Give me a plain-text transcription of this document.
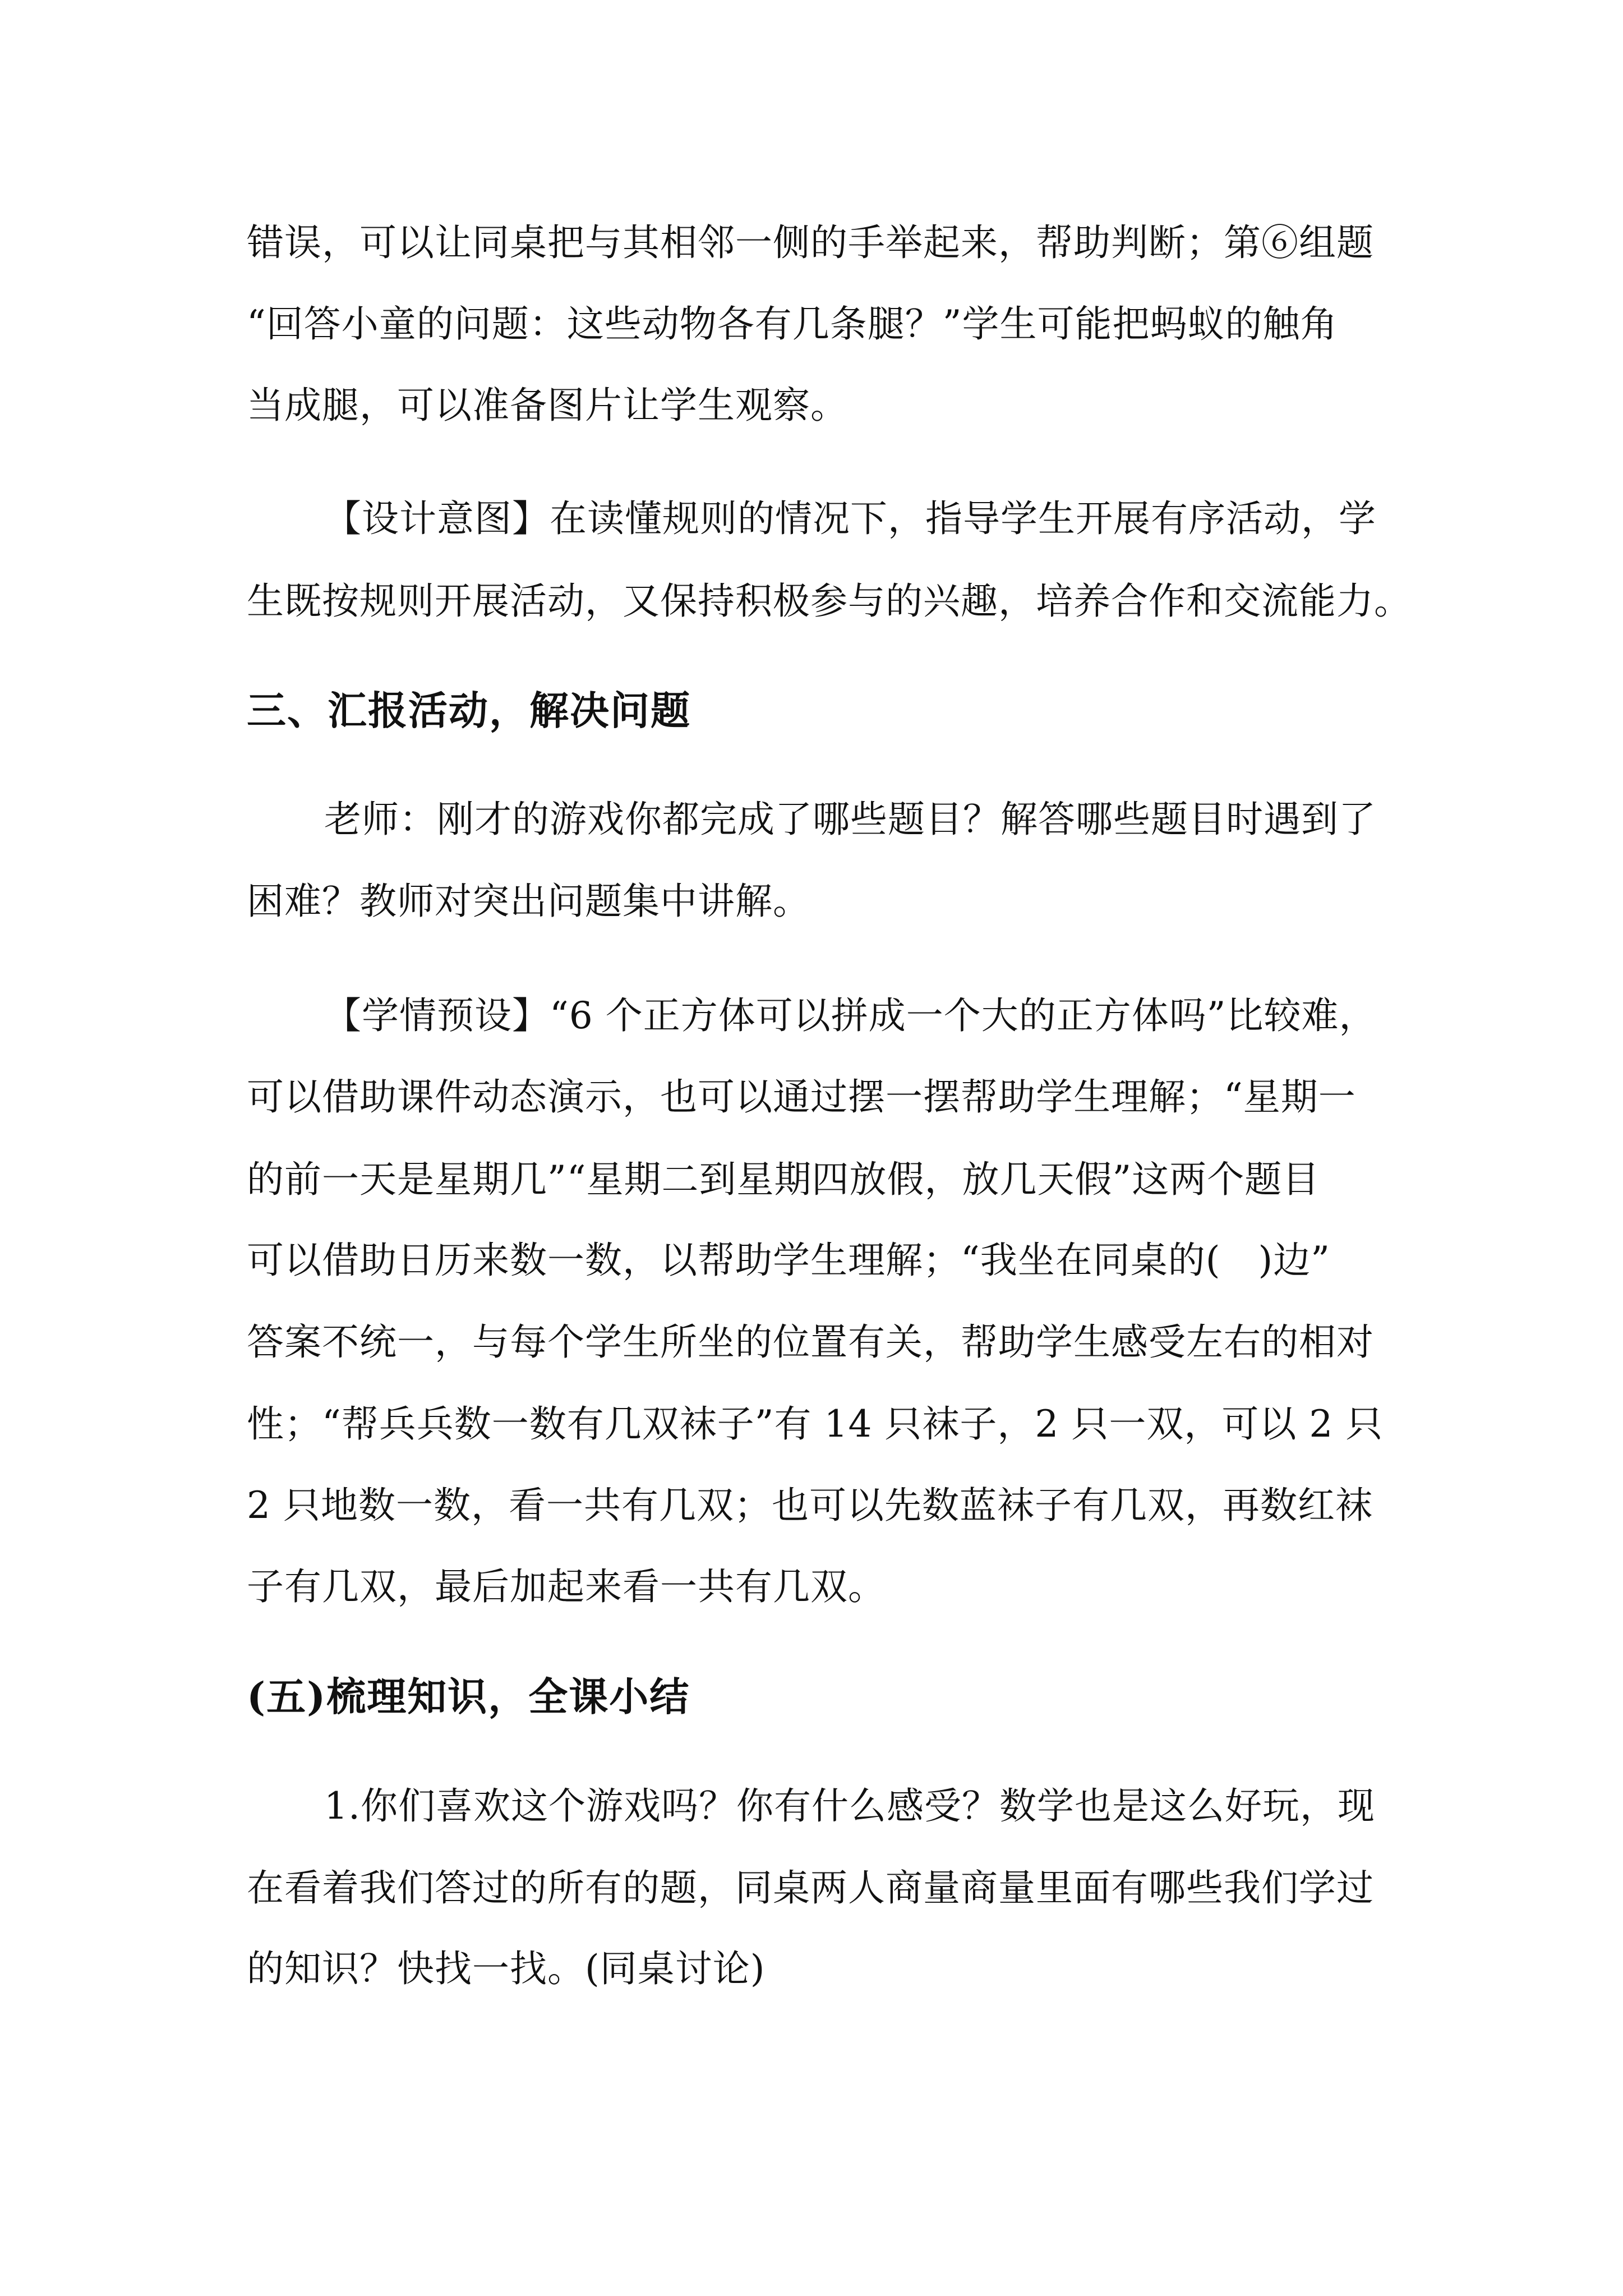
错误，可以让同桌把与其相邻一侧的手举起来，帮助判断；第⑥组题
“回答小童的问题：这些动物各有几条腿？”学生可能把蚂蚁的触角
当成腿，可以准备图片让学生观察。
【设计意图】在读懂规则的情况下，指导学生开展有序活动，学
生既按规则开展活动，又保持积极参与的兴趣，培养合作和交流能力。
三、汇报活动，解决问题
老师：刚才的游戏你都完成了哪些题目？解答哪些题目时遇到了
困难？教师对突出问题集中讲解。
【学情预设】“6 个正方体可以拼成一个大的正方体吗”比较难，
可以借助课件动态演示，也可以通过摆一摆帮助学生理解；“星期一
的前一天是星期几”“星期二到星期四放假，放几天假”这两个题目
可以借助日历来数一数，以帮助学生理解；“我坐在同桌的(　)边”
答案不统一，与每个学生所坐的位置有关，帮助学生感受左右的相对
性；“帮兵兵数一数有几双袜子”有 14 只袜子，2 只一双，可以 2 只
2 只地数一数，看一共有几双；也可以先数蓝袜子有几双，再数红袜
子有几双，最后加起来看一共有几双。
(五)梳理知识，全课小结
1.你们喜欢这个游戏吗？你有什么感受？数学也是这么好玩，现
在看着我们答过的所有的题，同桌两人商量商量里面有哪些我们学过
的知识？快找一找。(同桌讨论)
